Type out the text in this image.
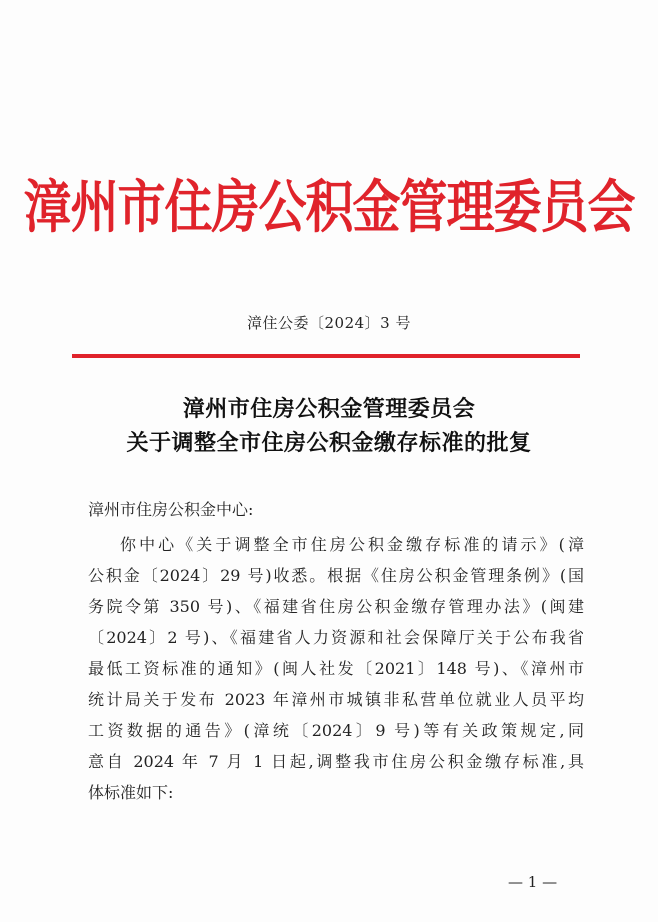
漳州市住房公积金管理委员会
漳住公委〔2024〕3 号
漳州市住房公积金管理委员会
关于调整全市住房公积金缴存标准的批复
漳州市住房公积金中心:
你中心《关于调整全市住房公积金缴存标准的请示》(漳
公积金〔2024〕29 号)收悉。根据《住房公积金管理条例》(国
务院令第 350 号)、《福建省住房公积金缴存管理办法》(闽建
〔2024〕2 号)、《福建省人力资源和社会保障厅关于公布我省
最低工资标准的通知》(闽人社发〔2021〕148 号)、《漳州市
统计局关于发布 2023 年漳州市城镇非私营单位就业人员平均
工资数据的通告》(漳统〔2024〕9 号)等有关政策规定,同
意自 2024 年 7 月 1 日起,调整我市住房公积金缴存标准,具
体标准如下:
— 1 —
